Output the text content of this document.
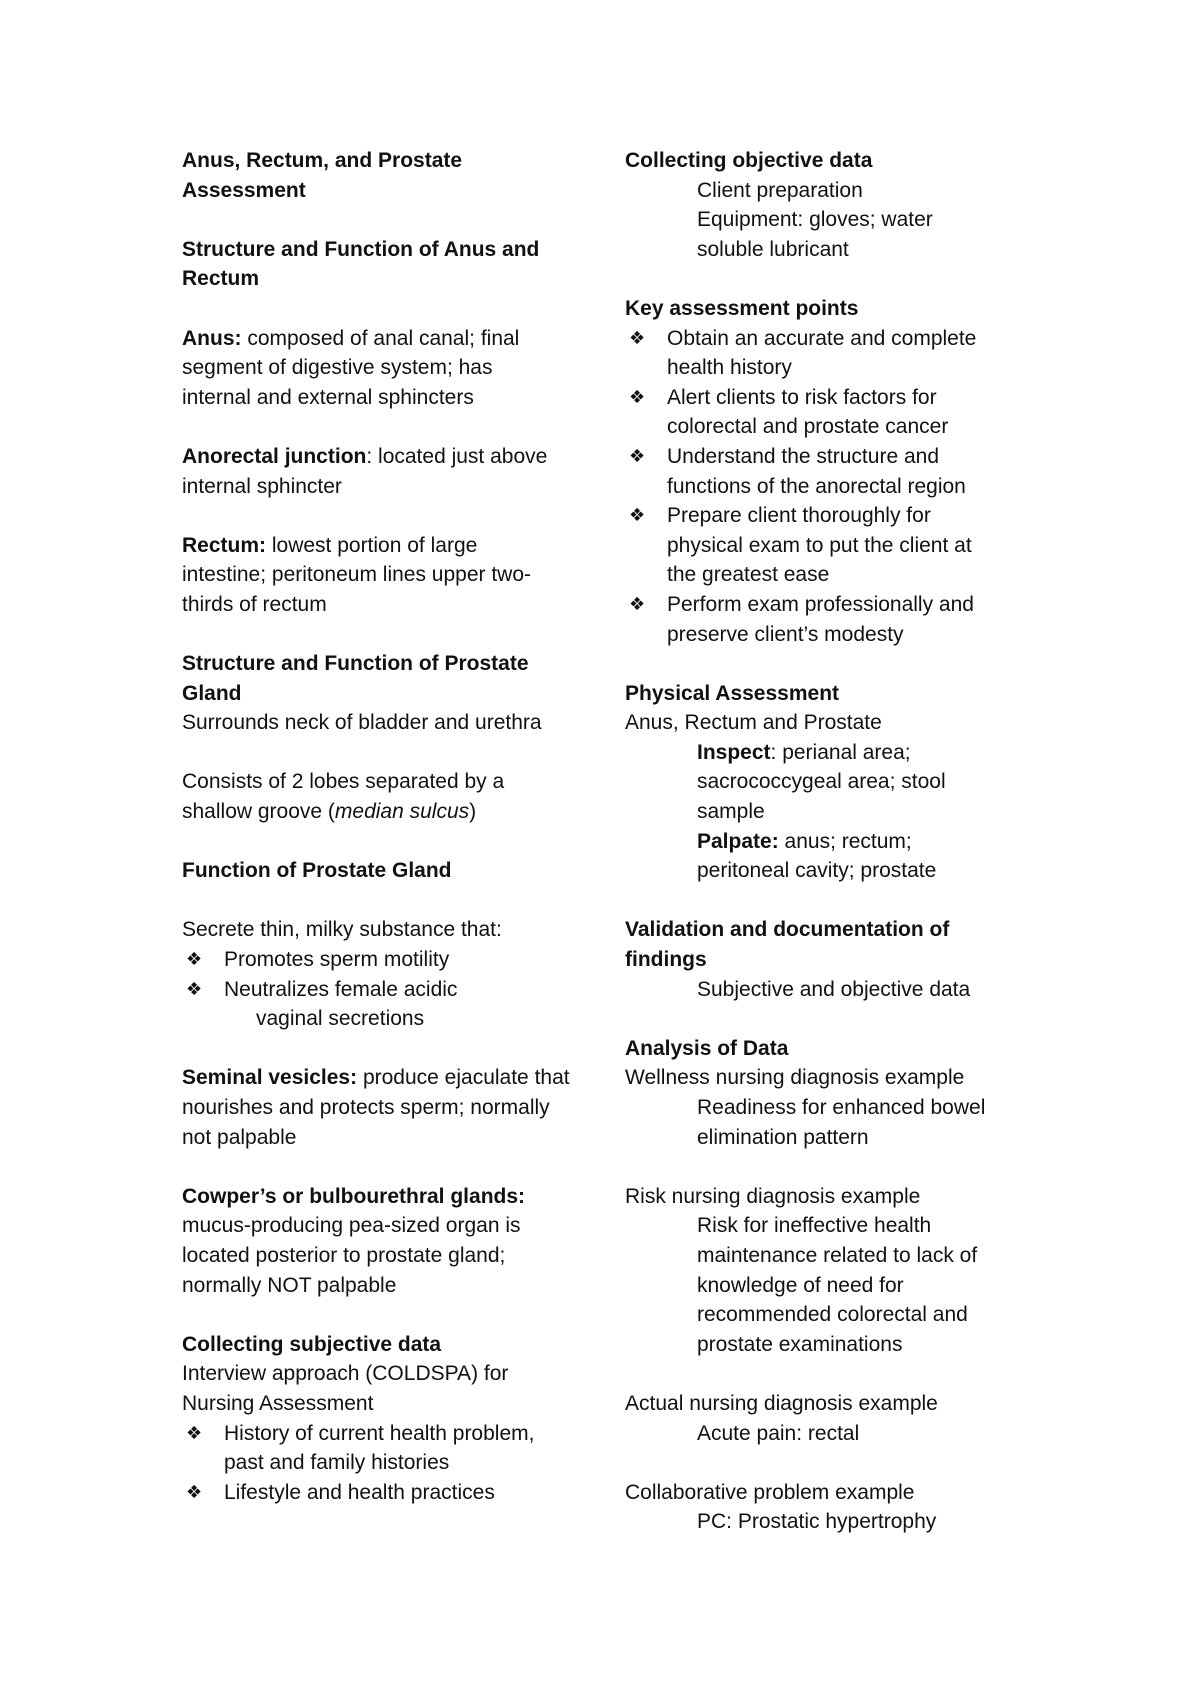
Anus, Rectum, and Prostate
Assessment
Structure and Function of Anus and
Rectum
Anus: composed of anal canal; final
segment of digestive system; has
internal and external sphincters
Anorectal junction: located just above
internal sphincter
Rectum: lowest portion of large
intestine; peritoneum lines upper two-
thirds of rectum
Structure and Function of Prostate
Gland
Surrounds neck of bladder and urethra
Consists of 2 lobes separated by a
shallow groove (median sulcus)
Function of Prostate Gland
Secrete thin, milky substance that:
❖ Promotes sperm motility
❖ Neutralizes female acidic
vaginal secretions
Seminal vesicles: produce ejaculate that
nourishes and protects sperm; normally
not palpable
Cowper’s or bulbourethral glands:
mucus-producing pea-sized organ is
located posterior to prostate gland;
normally NOT palpable
Collecting subjective data
Interview approach (COLDSPA) for
Nursing Assessment
❖ History of current health problem,
past and family histories
❖ Lifestyle and health practices
Collecting objective data
Client preparation
Equipment: gloves; water
soluble lubricant
Key assessment points
❖ Obtain an accurate and complete
health history
❖ Alert clients to risk factors for
colorectal and prostate cancer
❖ Understand the structure and
functions of the anorectal region
❖ Prepare client thoroughly for
physical exam to put the client at
the greatest ease
❖ Perform exam professionally and
preserve client’s modesty
Physical Assessment
Anus, Rectum and Prostate
Inspect: perianal area;
sacrococcygeal area; stool
sample
Palpate: anus; rectum;
peritoneal cavity; prostate
Validation and documentation of
findings
Subjective and objective data
Analysis of Data
Wellness nursing diagnosis example
Readiness for enhanced bowel
elimination pattern
Risk nursing diagnosis example
Risk for ineffective health
maintenance related to lack of
knowledge of need for
recommended colorectal and
prostate examinations
Actual nursing diagnosis example
Acute pain: rectal
Collaborative problem example
PC: Prostatic hypertrophy
